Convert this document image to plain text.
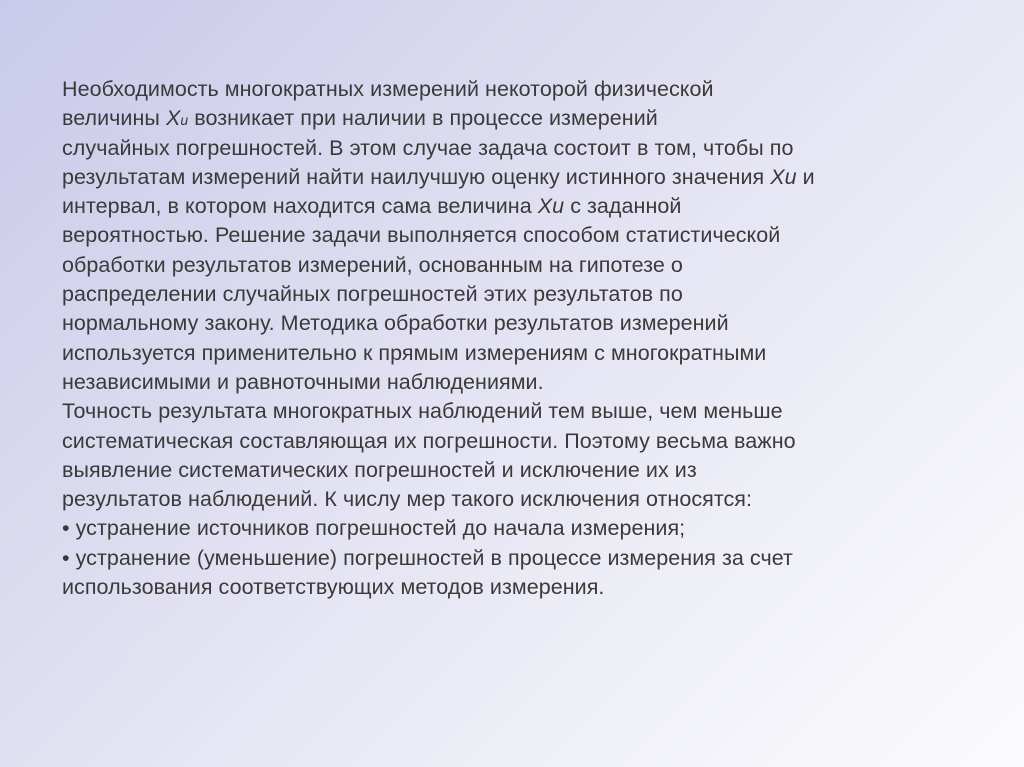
Необходимость многократных измерений некоторой физической
величины Xи возникает при наличии в процессе измерений
случайных погрешностей. В этом случае задача состоит в том, чтобы по
результатам измерений найти наилучшую оценку истинного значения Xи и
интервал, в котором находится сама величина Xи с заданной
вероятностью. Решение задачи выполняется способом статистической
обработки результатов измерений, основанным на гипотезе о
распределении случайных погрешностей этих результатов по
нормальному закону. Методика обработки результатов измерений
используется применительно к прямым измерениям с многократными
независимыми и равноточными наблюдениями.
Точность результата многократных наблюдений тем выше, чем меньше
систематическая составляющая их погрешности. Поэтому весьма важно
выявление систематических погрешностей и исключение их из
результатов наблюдений. К числу мер такого исключения относятся:
• устранение источников погрешностей до начала измерения;
• устранение (уменьшение) погрешностей в процессе измерения за счет
использования соответствующих методов измерения.
